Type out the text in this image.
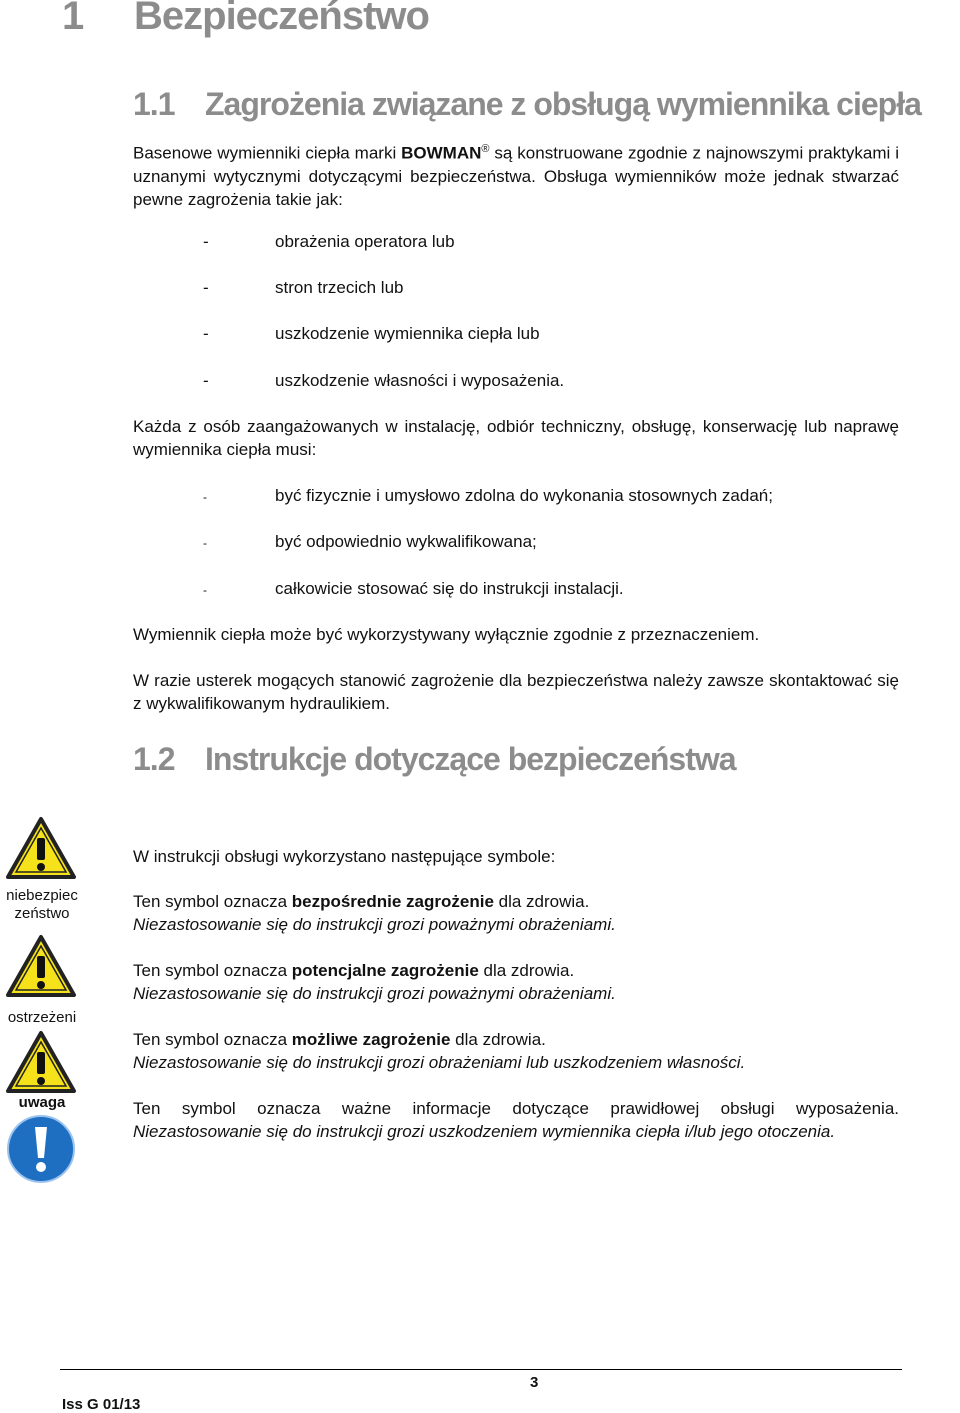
1 Bezpieczeństwo
1.1 Zagrożenia związane z obsługą wymiennika ciepła
Basenowe wymienniki ciepła marki BOWMAN® są konstruowane zgodnie z najnowszymi praktykami i uznanymi wytycznymi dotyczącymi bezpieczeństwa. Obsługa wymienników może jednak stwarzać pewne zagrożenia takie jak:
-	obrażenia operatora lub
-	stron trzecich lub
-	uszkodzenie wymiennika ciepła lub
-	uszkodzenie własności i wyposażenia.
Każda z osób zaangażowanych w instalację, odbiór techniczny, obsługę, konserwację lub naprawę wymiennika ciepła musi:
-	być fizycznie i umysłowo zdolna do wykonania stosownych zadań;
-	być odpowiednio wykwalifikowana;
-	całkowicie stosować się do instrukcji instalacji.
Wymiennik ciepła może być wykorzystywany wyłącznie zgodnie z przeznaczeniem.
W razie usterek mogących stanowić zagrożenie dla bezpieczeństwa należy zawsze skontaktować się z wykwalifikowanym hydraulikiem.
1.2 Instrukcje dotyczące bezpieczeństwa
niebezpiec
zeństwo
ostrzeżeni
uwaga
W instrukcji obsługi wykorzystano następujące symbole:
Ten symbol oznacza bezpośrednie zagrożenie dla zdrowia.
Niezastosowanie się do instrukcji grozi poważnymi obrażeniami.
Ten symbol oznacza potencjalne zagrożenie dla zdrowia.
Niezastosowanie się do instrukcji grozi poważnymi obrażeniami.
Ten symbol oznacza możliwe zagrożenie dla zdrowia.
Niezastosowanie się do instrukcji grozi obrażeniami lub uszkodzeniem własności.
Ten symbol oznacza ważne informacje dotyczące prawidłowej obsługi wyposażenia.
Niezastosowanie się do instrukcji grozi uszkodzeniem wymiennika ciepła i/lub jego otoczenia.
3
Iss G 01/13
